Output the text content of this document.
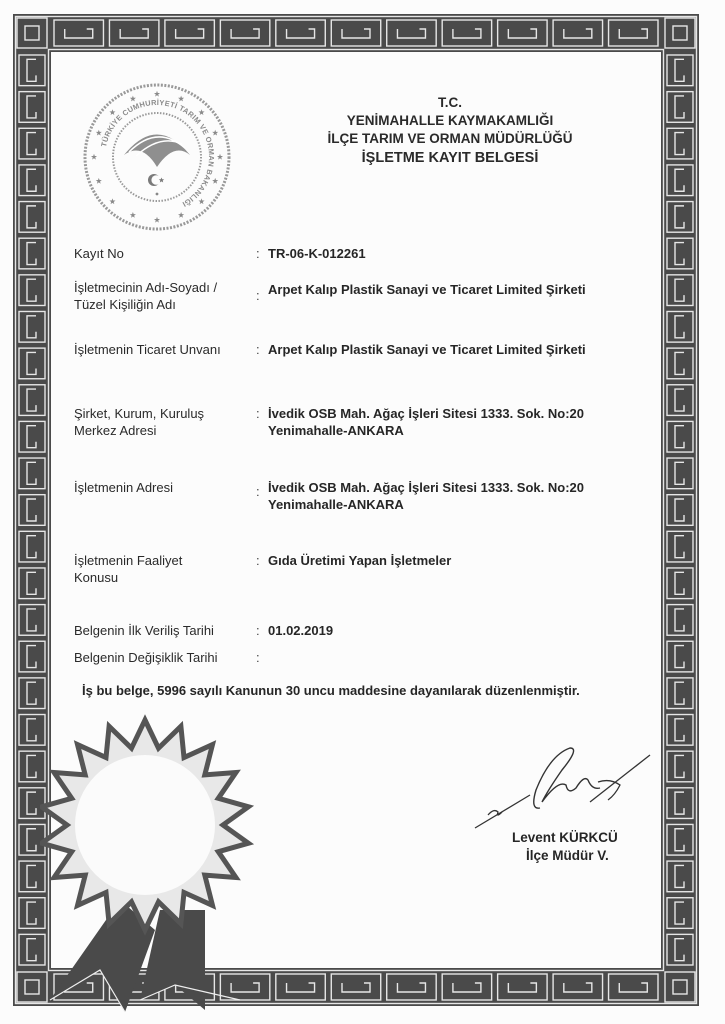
TÜRKİYE CUMHURİYETİ TARIM VE ORMAN BAKANLIĞI
T.C.
YENİMAHALLE KAYMAKAMLIĞI
İLÇE TARIM VE ORMAN MÜDÜRLÜĞÜ
İŞLETME KAYIT BELGESİ
Kayıt No	: TR-06-K-012261
İşletmecinin Adı-Soyadı /
Tüzel Kişiliğin Adı
: Arpet Kalıp Plastik Sanayi ve Ticaret Limited Şirketi
İşletmenin Ticaret Unvanı	: Arpet Kalıp Plastik Sanayi ve Ticaret Limited Şirketi
Şirket, Kurum, Kuruluş
Merkez Adresi
: İvedik OSB Mah. Ağaç İşleri Sitesi 1333. Sok. No:20
Yenimahalle-ANKARA
İşletmenin Adresi	: İvedik OSB Mah. Ağaç İşleri Sitesi 1333. Sok. No:20
Yenimahalle-ANKARA
İşletmenin Faaliyet
Konusu
: Gıda Üretimi Yapan İşletmeler
Belgenin İlk Veriliş Tarihi	: 01.02.2019
Belgenin Değişiklik Tarihi	:
İş bu belge, 5996 sayılı Kanunun 30 uncu maddesine dayanılarak düzenlenmiştir.
Levent KÜRKCÜ
İlçe Müdür V.
